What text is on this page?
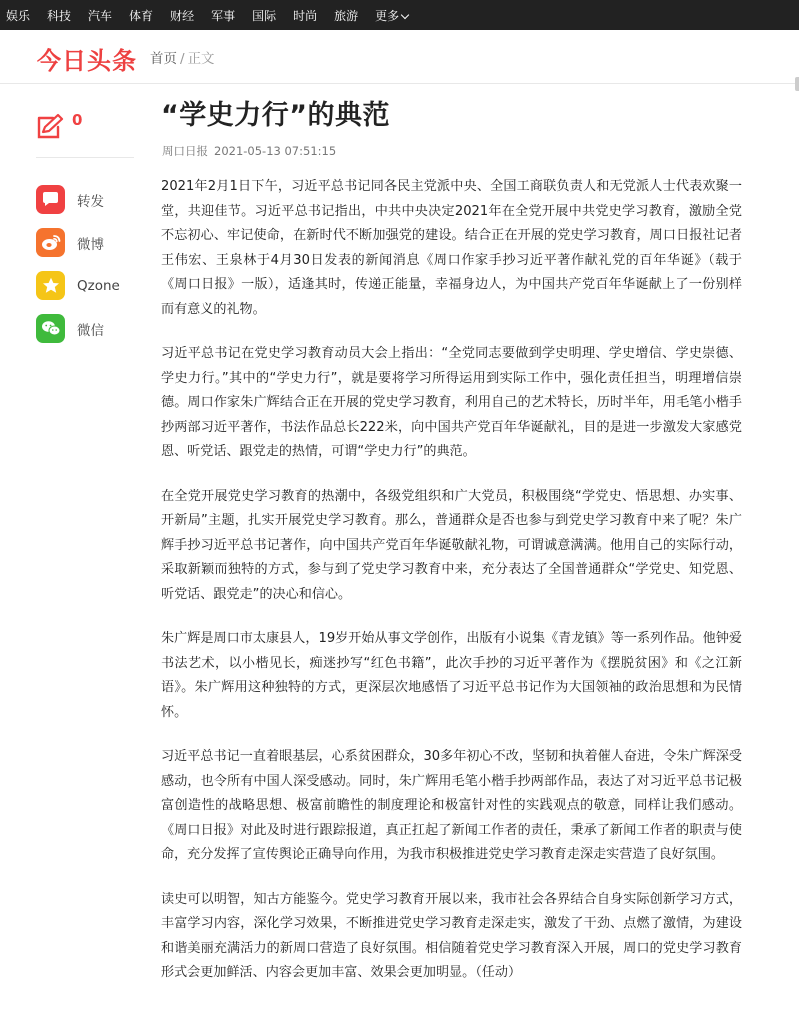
娱乐 科技 汽车 体育 财经 军事 国际 时尚 旅游 更多
今日头条 首页 / 正文
0
转发
微博
Qzone
微信
“学史力行”的典范
周口日报 2021-05-13 07:51:15

2021年2月1日下午，习近平总书记同各民主党派中央、全国工商联负责人和无党派人士代表欢聚一堂，共迎佳节。习近平总书记指出，中共中央决定2021年在全党开展中共党史学习教育，激励全党不忘初心、牢记使命，在新时代不断加强党的建设。结合正在开展的党史学习教育，周口日报社记者王伟宏、王泉林于4月30日发表的新闻消息《周口作家手抄习近平著作献礼党的百年华诞》（载于《周口日报》一版），适逢其时，传递正能量，幸福身边人，为中国共产党百年华诞献上了一份别样而有意义的礼物。

习近平总书记在党史学习教育动员大会上指出：“全党同志要做到学史明理、学史增信、学史崇德、学史力行。”其中的“学史力行”，就是要将学习所得运用到实际工作中，强化责任担当，明理增信崇德。周口作家朱广辉结合正在开展的党史学习教育，利用自己的艺术特长，历时半年，用毛笔小楷手抄两部习近平著作，书法作品总长222米，向中国共产党百年华诞献礼，目的是进一步激发大家感党恩、听党话、跟党走的热情，可谓“学史力行”的典范。

在全党开展党史学习教育的热潮中，各级党组织和广大党员，积极围绕“学党史、悟思想、办实事、开新局”主题，扎实开展党史学习教育。那么，普通群众是否也参与到党史学习教育中来了呢？朱广辉手抄习近平总书记著作，向中国共产党百年华诞敬献礼物，可谓诚意满满。他用自己的实际行动，采取新颖而独特的方式，参与到了党史学习教育中来，充分表达了全国普通群众“学党史、知党恩、听党话、跟党走”的决心和信心。

朱广辉是周口市太康县人，19岁开始从事文学创作，出版有小说集《青龙镇》等一系列作品。他钟爱书法艺术，以小楷见长，痴迷抄写“红色书籍”，此次手抄的习近平著作为《摆脱贫困》和《之江新语》。朱广辉用这种独特的方式，更深层次地感悟了习近平总书记作为大国领袖的政治思想和为民情怀。

习近平总书记一直着眼基层，心系贫困群众，30多年初心不改，坚韧和执着催人奋进，令朱广辉深受感动，也令所有中国人深受感动。同时，朱广辉用毛笔小楷手抄两部作品，表达了对习近平总书记极富创造性的战略思想、极富前瞻性的制度理论和极富针对性的实践观点的敬意，同样让我们感动。《周口日报》对此及时进行跟踪报道，真正扛起了新闻工作者的责任，秉承了新闻工作者的职责与使命，充分发挥了宣传舆论正确导向作用，为我市积极推进党史学习教育走深走实营造了良好氛围。

读史可以明智，知古方能鉴今。党史学习教育开展以来，我市社会各界结合自身实际创新学习方式，丰富学习内容，深化学习效果，不断推进党史学习教育走深走实，激发了干劲、点燃了激情，为建设和谐美丽充满活力的新周口营造了良好氛围。相信随着党史学习教育深入开展，周口的党史学习教育形式会更加鲜活、内容会更加丰富、效果会更加明显。（任动）
